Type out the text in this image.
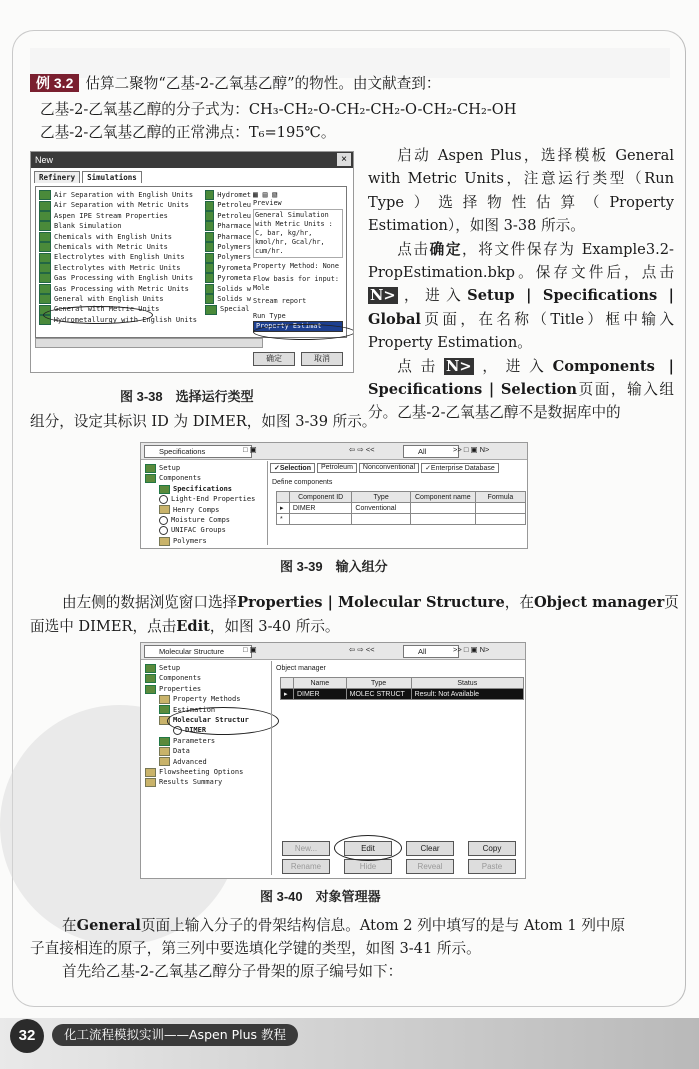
例 3.2 估算二聚物“乙基-2-乙氧基乙醇”的物性。由文献查到：
乙基-2-乙氧基乙醇的分子式为：CH₃-CH₂-O-CH₂-CH₂-O-CH₂-CH₂-OH
乙基-2-乙氧基乙醇的正常沸点：T₆=195℃。
New	×
Refinery	Simulations
Air Separation with English Units
Air Separation with Metric Units
Aspen IPE Stream Properties
Blank Simulation
Chemicals with English Units
Chemicals with Metric Units
Electrolytes with English Units
Electrolytes with Metric Units
Gas Processing with English Units
Gas Processing with Metric Units
General with English Units
General with Metric Units
Hydrometallurgy with English Units
Hydromet
Petroleu
Petroleu
Pharmace
Pharmace
Polymers
Polymers
Pyrometa
Pyrometa
Solids w
Solids w
Special
▦ ▤ ▧
Preview
General Simulation with Metric Units : C, bar, kg/hr, kmol/hr, Gcal/hr, cum/hr.
Property Method: None
Flow basis for input: Mole
Stream report
Run Type
Property Estimat
确定	取消
图 3-38　选择运行类型

启动 Aspen Plus，选择模板 General with Metric Units，注意运行类型（Run Type）选择物性估算（Property Estimation），如图 3-38 所示。

点击确定，将文件保存为 Example3.2-PropEstimation.bkp。保存文件后，点击N> ，进入Setup | Specifications | Global页面，在名称（Title）框中输入 Property Estimation。

点击 N> ，进入Components | Specifications | Selection页面，输入组分。乙基-2-乙氧基乙醇不是数据库中的

组分，设定其标识 ID 为 DIMER，如图 3-39 所示。
Specifications	□ ▣	⇦ ⇨ <<	All	>> □ ▣ N>
Setup
Components
Specifications
Light-End Properties
Henry Comps
Moisture Comps
UNIFAC Groups
Polymers
✓Selection	Petroleum	Nonconventional	✓Enterprise Database
Define components
	Component ID	Type	Component name	Formula
▸	DIMER	Conventional		
*				
图 3-39　输入组分
由左侧的数据浏览窗口选择Properties | Molecular Structure，在Object manager页
面选中 DIMER，点击Edit，如图 3-40 所示。
Molecular Structure	□ ▣	⇦ ⇨ <<	All	>> □ ▣ N>
Setup
Components
Properties
Property Methods
Estimation
Molecular Structur
DIMER
Parameters
Data
Advanced
Flowsheeting Options
Results Summary
Object manager
	Name	Type	Status
▸	DIMER	MOLEC STRUCT	Result: Not Available
New...	Edit	Clear	Copy
Rename	Hide	Reveal	Paste
图 3-40　对象管理器
在General页面上输入分子的骨架结构信息。Atom 2 列中填写的是与 Atom 1 列中原
子直接相连的原子，第三列中要选填化学键的类型，如图 3-41 所示。
首先给乙基-2-乙氧基乙醇分子骨架的原子编号如下：
32	化工流程模拟实训——Aspen Plus 教程
